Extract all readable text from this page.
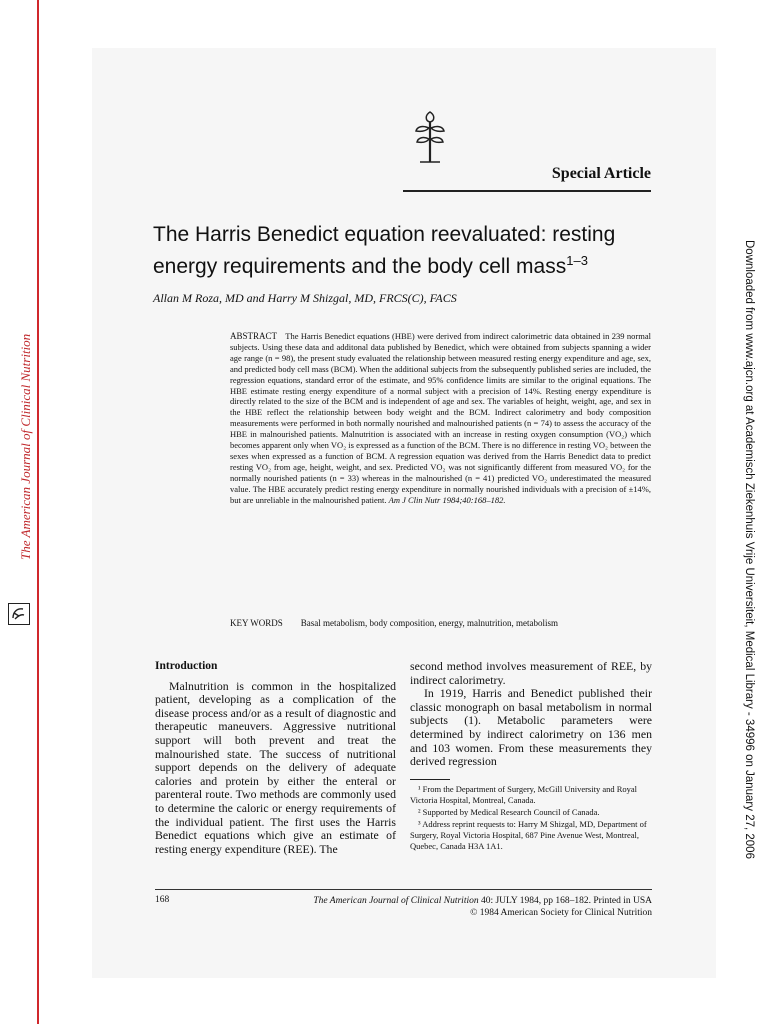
The American Journal of Clinical Nutrition
Special Article
The Harris Benedict equation reevaluated: resting energy requirements and the body cell mass$^{1-3}$
Allan M Roza, MD and Harry M Shizgal, MD, FRCS(C), FACS
ABSTRACT The Harris Benedict equations (HBE) were derived from indirect calorimetric data obtained in 239 normal subjects. Using these data and additonal data published by Benedict, which were obtained from subjects spanning a wider age range (n = 98), the present study evaluated the relationship between measured resting energy expenditure and age, sex, and predicted body cell mass (BCM). When the additional subjects from the subsequently published series are included, the regression equations, standard error of the estimate, and 95% confidence limits are similar to the original equations. The HBE estimate resting energy expenditure of a normal subject with a precision of 14%. Resting energy expenditure is directly related to the size of the BCM and is independent of age and sex. The variables of height, weight, age, and sex in the HBE reflect the relationship between body weight and the BCM. Indirect calorimetry and body composition measurements were performed in both normally nourished and malnourished patients (n = 74) to assess the accuracy of the HBE in malnourished patients. Malnutrition is associated with an increase in resting oxygen consumption (VO₂) which becomes apparent only when VO₂ is expressed as a function of the BCM. There is no difference in resting VO₂ between the sexes when expressed as a function of BCM. A regression equation was derived from the Harris Benedict data to predict resting VO₂ from age, height, weight, and sex. Predicted VO₂ was not significantly different from measured VO₂ for the normally nourished patients (n = 33) whereas in the malnourished (n = 41) predicted VO₂ underestimated the measured value. The HBE accurately predict resting energy expenditure in normally nourished individuals with a precision of ±14%, but are unreliable in the malnourished patient. Am J Clin Nutr 1984;40:168–182.
KEY WORDS Basal metabolism, body composition, energy, malnutrition, metabolism
Introduction

Malnutrition is common in the hospitalized patient, developing as a complication of the disease process and/or as a result of diagnostic and therapeutic maneuvers. Aggressive nutritional support will both prevent and treat the malnourished state. The success of nutritional support depends on the delivery of adequate calories and protein by either the enteral or parenteral route. Two methods are commonly used to determine the caloric or energy requirements of the individual patient. The first uses the Harris Benedict equations which give an estimate of resting energy expenditure (REE). The

second method involves measurement of REE, by indirect calorimetry.

In 1919, Harris and Benedict published their classic monograph on basal metabolism in normal subjects (1). Metabolic parameters were determined by indirect calorimetry on 136 men and 103 women. From these measurements they derived regression

¹ From the Department of Surgery, McGill University and Royal Victoria Hospital, Montreal, Canada.

² Supported by Medical Research Council of Canada.

³ Address reprint requests to: Harry M Shizgal, MD, Department of Surgery, Royal Victoria Hospital, 687 Pine Avenue West, Montreal, Quebec, Canada H3A 1A1.

168	The American Journal of Clinical Nutrition 40: JULY 1984, pp 168–182. Printed in USA
© 1984 American Society for Clinical Nutrition
Downloaded from www.ajcn.org at Academisch Ziekenhuis Vrije Universiteit, Medical Library - 34996 on January 27, 2006
